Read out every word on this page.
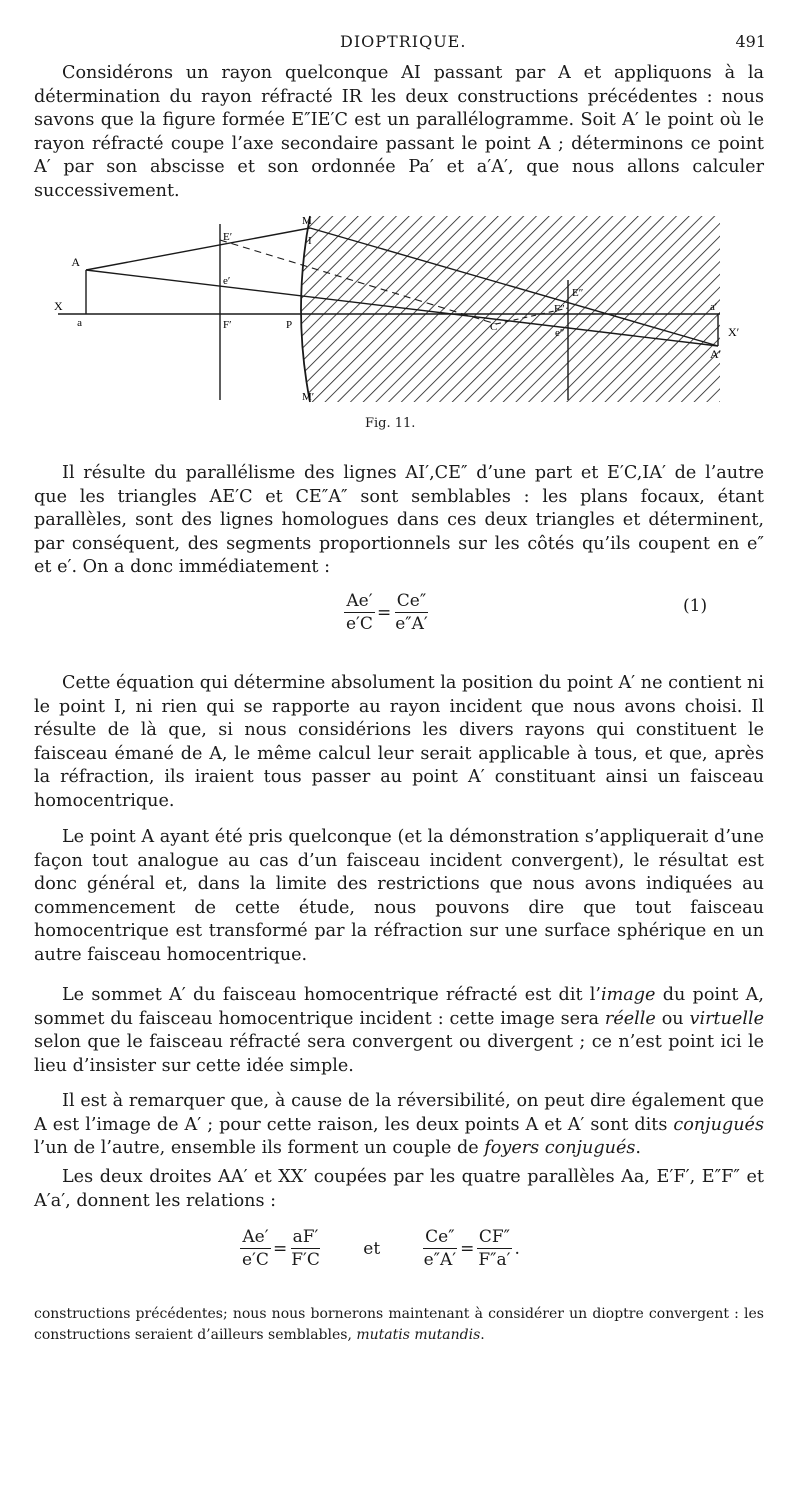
DIOPTRIQUE.	491

Considérons un rayon quelconque AI passant par A et appliquons à la détermination du rayon réfracté IR les deux constructions précédentes : nous savons que la figure formée E″IE′C est un parallélogramme. Soit A′ le point où le rayon réfracté coupe l’axe secondaire passant le point A ; déterminons ce point A′ par son abscisse et son ordonnée Pa′ et a′A′, que nous allons calculer successivement.

A
E′
e′
X
a	F′	P
M
I
M′
C
F″
E″
e″
a′
X′
A′
Fig. 11.

Il résulte du parallélisme des lignes AI′,CE″ d’une part et E′C,IA′ de l’autre que les triangles AE′C et CE″A″ sont semblables : les plans focaux, étant parallèles, sont des lignes homologues dans ces deux triangles et déterminent, par conséquent, des segments proportionnels sur les côtés qu’ils coupent en e″ et e′. On a donc immédiatement :

$\frac{Ae'}{e'C} = \frac{Ce''}{e''A'}$	(1)

Cette équation qui détermine absolument la position du point A′ ne contient ni le point I, ni rien qui se rapporte au rayon incident que nous avons choisi. Il résulte de là que, si nous considérions les divers rayons qui constituent le faisceau émané de A, le même calcul leur serait applicable à tous, et que, après la réfraction, ils iraient tous passer au point A′ constituant ainsi un faisceau homocentrique.

Le point A ayant été pris quelconque (et la démonstration s’appliquerait d’une façon tout analogue au cas d’un faisceau incident convergent), le résultat est donc général et, dans la limite des restrictions que nous avons indiquées au commencement de cette étude, nous pouvons dire que tout faisceau homocentrique est transformé par la réfraction sur une surface sphérique en un autre faisceau homocentrique.

Le sommet A′ du faisceau homocentrique réfracté est dit l’image du point A, sommet du faisceau homocentrique incident : cette image sera réelle ou virtuelle selon que le faisceau réfracté sera convergent ou divergent ; ce n’est point ici le lieu d’insister sur cette idée simple.

Il est à remarquer que, à cause de la réversibilité, on peut dire également que A est l’image de A′ ; pour cette raison, les deux points A et A′ sont dits conjugués l’un de l’autre, ensemble ils forment un couple de foyers conjugués.

Les deux droites AA′ et XX′ coupées par les quatre parallèles Aa, E′F′, E″F″ et A′a′, donnent les relations :

$\frac{Ae'}{e'C} = \frac{aF'}{F'C}$ et $\frac{Ce''}{e''A'} = \frac{CF''}{F''a'}$ .

constructions précédentes; nous nous bornerons maintenant à considérer un dioptre convergent : les constructions seraient d’ailleurs semblables, mutatis mutandis.
